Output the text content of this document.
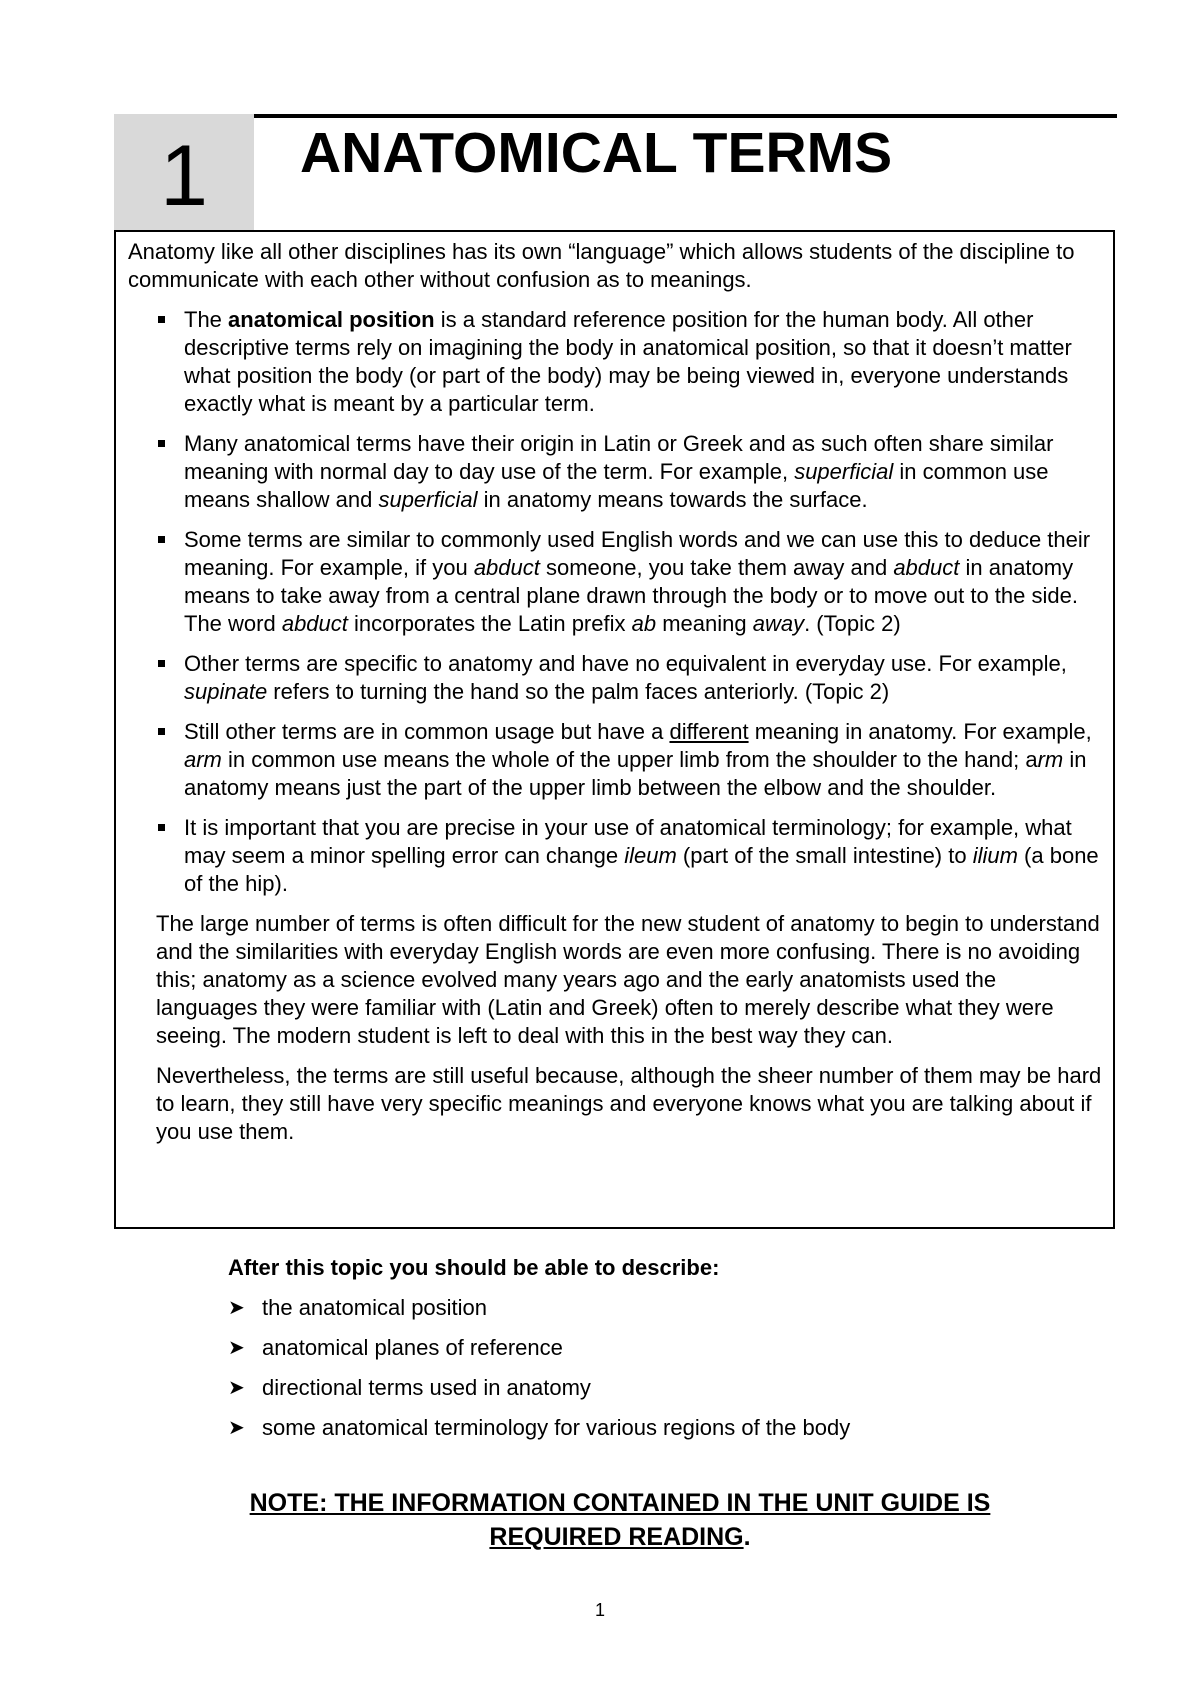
1 ANATOMICAL TERMS

Anatomy like all other disciplines has its own “language” which allows students of the discipline to communicate with each other without confusion as to meanings.

The anatomical position is a standard reference position for the human body. All other descriptive terms rely on imagining the body in anatomical position, so that it doesn’t matter what position the body (or part of the body) may be being viewed in, everyone understands exactly what is meant by a particular term.
Many anatomical terms have their origin in Latin or Greek and as such often share similar meaning with normal day to day use of the term. For example, superficial in common use means shallow and superficial in anatomy means towards the surface.
Some terms are similar to commonly used English words and we can use this to deduce their meaning. For example, if you abduct someone, you take them away and abduct in anatomy means to take away from a central plane drawn through the body or to move out to the side. The word abduct incorporates the Latin prefix ab meaning away. (Topic 2)
Other terms are specific to anatomy and have no equivalent in everyday use. For example, supinate refers to turning the hand so the palm faces anteriorly. (Topic 2)
Still other terms are in common usage but have a different meaning in anatomy. For example, arm in common use means the whole of the upper limb from the shoulder to the hand; arm in anatomy means just the part of the upper limb between the elbow and the shoulder.
It is important that you are precise in your use of anatomical terminology; for example, what may seem a minor spelling error can change ileum (part of the small intestine) to ilium (a bone of the hip).

The large number of terms is often difficult for the new student of anatomy to begin to understand and the similarities with everyday English words are even more confusing. There is no avoiding this; anatomy as a science evolved many years ago and the early anatomists used the languages they were familiar with (Latin and Greek) often to merely describe what they were seeing. The modern student is left to deal with this in the best way they can.

Nevertheless, the terms are still useful because, although the sheer number of them may be hard to learn, they still have very specific meanings and everyone knows what you are talking about if you use them.

After this topic you should be able to describe:

➤ the anatomical position
➤ anatomical planes of reference
➤ directional terms used in anatomy
➤ some anatomical terminology for various regions of the body
NOTE: THE INFORMATION CONTAINED IN THE UNIT GUIDE IS
REQUIRED READING.
1
